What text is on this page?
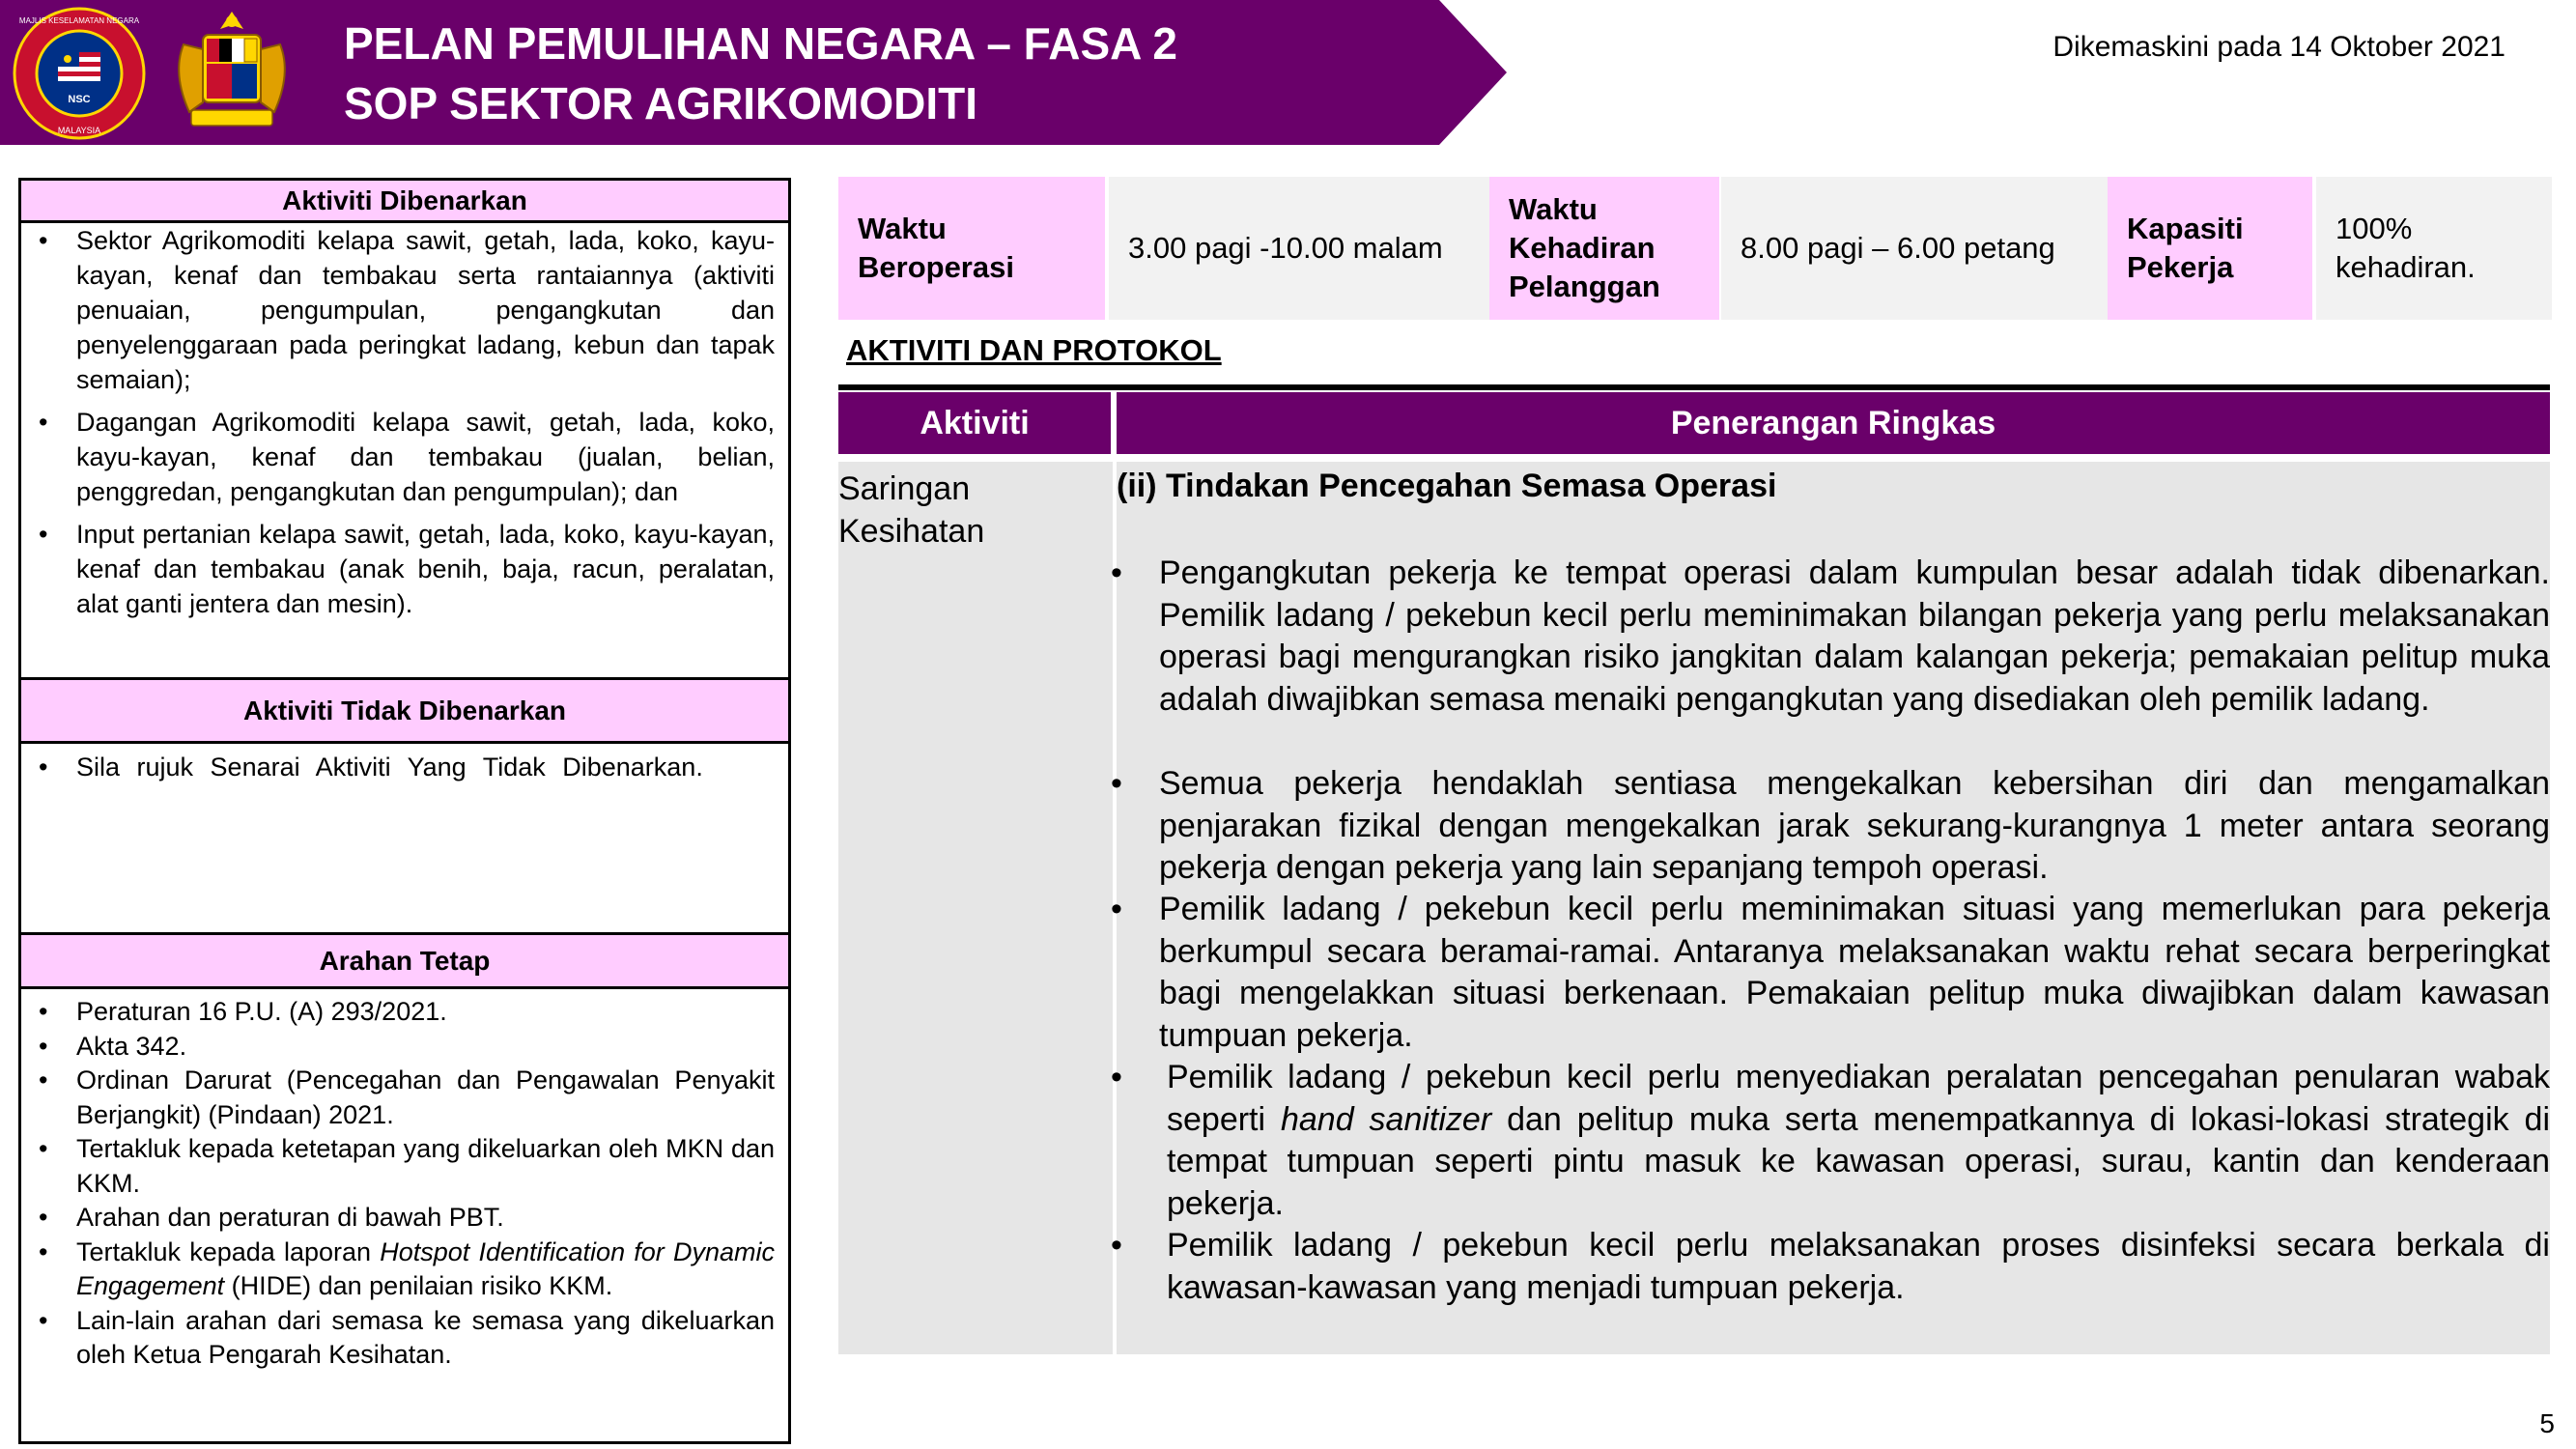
NSC
MAJLIS KESELAMATAN NEGARA
MALAYSIA
PELAN PEMULIHAN NEGARA – FASA 2
SOP SEKTOR AGRIKOMODITI
Dikemaskini pada 14 Oktober 2021
Aktiviti Dibenarkan
• Sektor Agrikomoditi kelapa sawit, getah, lada, koko, kayu-kayan, kenaf dan tembakau serta rantaiannya (aktiviti penuaian, pengumpulan, pengangkutan dan penyelenggaraan pada peringkat ladang, kebun dan tapak semaian);
• Dagangan Agrikomoditi kelapa sawit, getah, lada, koko, kayu-kayan, kenaf dan tembakau (jualan, belian, penggredan, pengangkutan dan pengumpulan); dan
• Input pertanian kelapa sawit, getah, lada, koko, kayu-kayan, kenaf dan tembakau (anak benih, baja, racun, peralatan, alat ganti jentera dan mesin).
Aktiviti Tidak Dibenarkan
• Sila rujuk Senarai Aktiviti Yang Tidak Dibenarkan.
Arahan Tetap
• Peraturan 16 P.U. (A) 293/2021.
• Akta 342.
• Ordinan Darurat (Pencegahan dan Pengawalan Penyakit Berjangkit) (Pindaan) 2021.
• Tertakluk kepada ketetapan yang dikeluarkan oleh MKN dan KKM.
• Arahan dan peraturan di bawah PBT.
• Tertakluk kepada laporan Hotspot Identification for Dynamic Engagement (HIDE) dan penilaian risiko KKM.
• Lain-lain arahan dari semasa ke semasa yang dikeluarkan oleh Ketua Pengarah Kesihatan.
Waktu Beroperasi
3.00 pagi -10.00 malam
Waktu Kehadiran Pelanggan
8.00 pagi – 6.00 petang
Kapasiti Pekerja
100% kehadiran.
AKTIVITI DAN PROTOKOL
Aktiviti	Penerangan Ringkas
Saringan Kesihatan
(ii) Tindakan Pencegahan Semasa Operasi
• Pengangkutan pekerja ke tempat operasi dalam kumpulan besar adalah tidak dibenarkan. Pemilik ladang / pekebun kecil perlu meminimakan bilangan pekerja yang perlu melaksanakan operasi bagi mengurangkan risiko jangkitan dalam kalangan pekerja; pemakaian pelitup muka adalah diwajibkan semasa menaiki pengangkutan yang disediakan oleh pemilik ladang.
• Semua pekerja hendaklah sentiasa mengekalkan kebersihan diri dan mengamalkan penjarakan fizikal dengan mengekalkan jarak sekurang-kurangnya 1 meter antara seorang pekerja dengan pekerja yang lain sepanjang tempoh operasi.
• Pemilik ladang / pekebun kecil perlu meminimakan situasi yang memerlukan para pekerja berkumpul secara beramai-ramai. Antaranya melaksanakan waktu rehat secara berperingkat bagi mengelakkan situasi berkenaan. Pemakaian pelitup muka diwajibkan dalam kawasan tumpuan pekerja.
• Pemilik ladang / pekebun kecil perlu menyediakan peralatan pencegahan penularan wabak seperti hand sanitizer dan pelitup muka serta menempatkannya di lokasi-lokasi strategik di tempat tumpuan seperti pintu masuk ke kawasan operasi, surau, kantin dan kenderaan pekerja.
• Pemilik ladang / pekebun kecil perlu melaksanakan proses disinfeksi secara berkala di kawasan-kawasan yang menjadi tumpuan pekerja.
5
